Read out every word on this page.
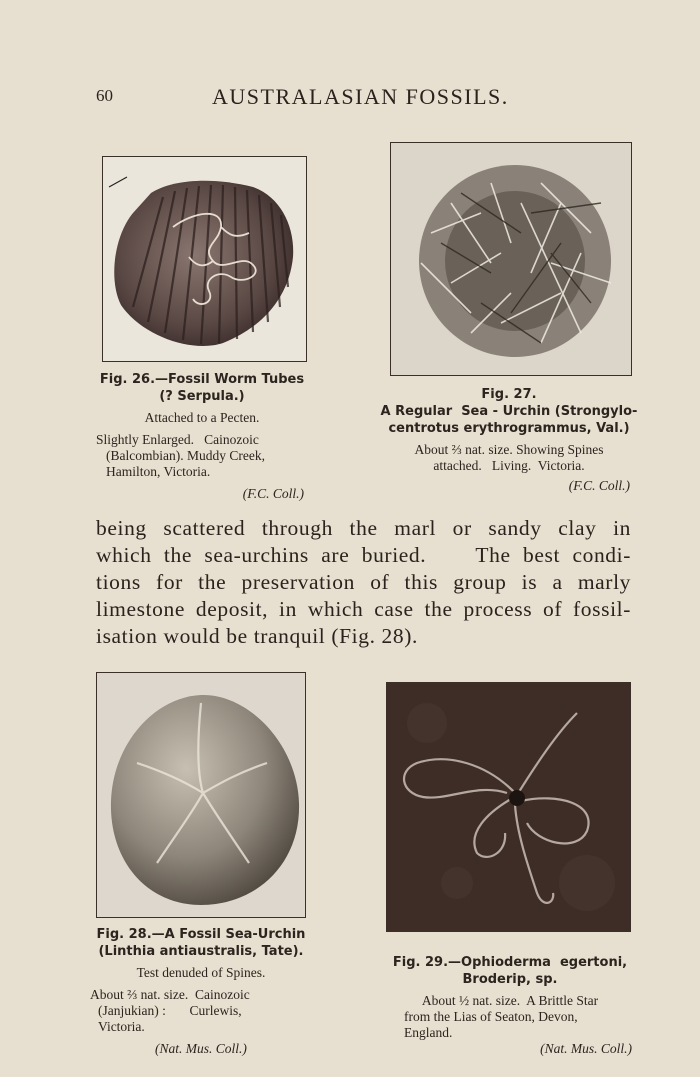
60	AUSTRALASIAN FOSSILS.
Fig. 26.—Fossil Worm Tubes
(? Serpula.)
Attached to a Pecten.
Slightly Enlarged.   Cainozoic
(Balcombian). Muddy Creek,
Hamilton, Victoria.
(F.C. Coll.)
Fig. 27.
A Regular  Sea - Urchin (Strongylo-
centrotus erythrogrammus, Val.)
About ⅔ nat. size. Showing Spines
attached.   Living.  Victoria.
(F.C. Coll.)
being scattered through the marl or sandy clay in
which the sea-urchins are buried.    The best condi-
tions for the preservation of this group is a marly
limestone deposit, in which case the process of fossil-
isation would be tranquil (Fig. 28).
Fig. 28.—A Fossil Sea-Urchin
(Linthia antiaustralis, Tate).
Test denuded of Spines.
About ⅔ nat. size.  Cainozoic
(Janjukian) :       Curlewis,
Victoria.
(Nat. Mus. Coll.)
Fig. 29.—Ophioderma  egertoni,
Broderip, sp.
About ½ nat. size.  A Brittle Star
from the Lias of Seaton, Devon,
England.
(Nat. Mus. Coll.)
